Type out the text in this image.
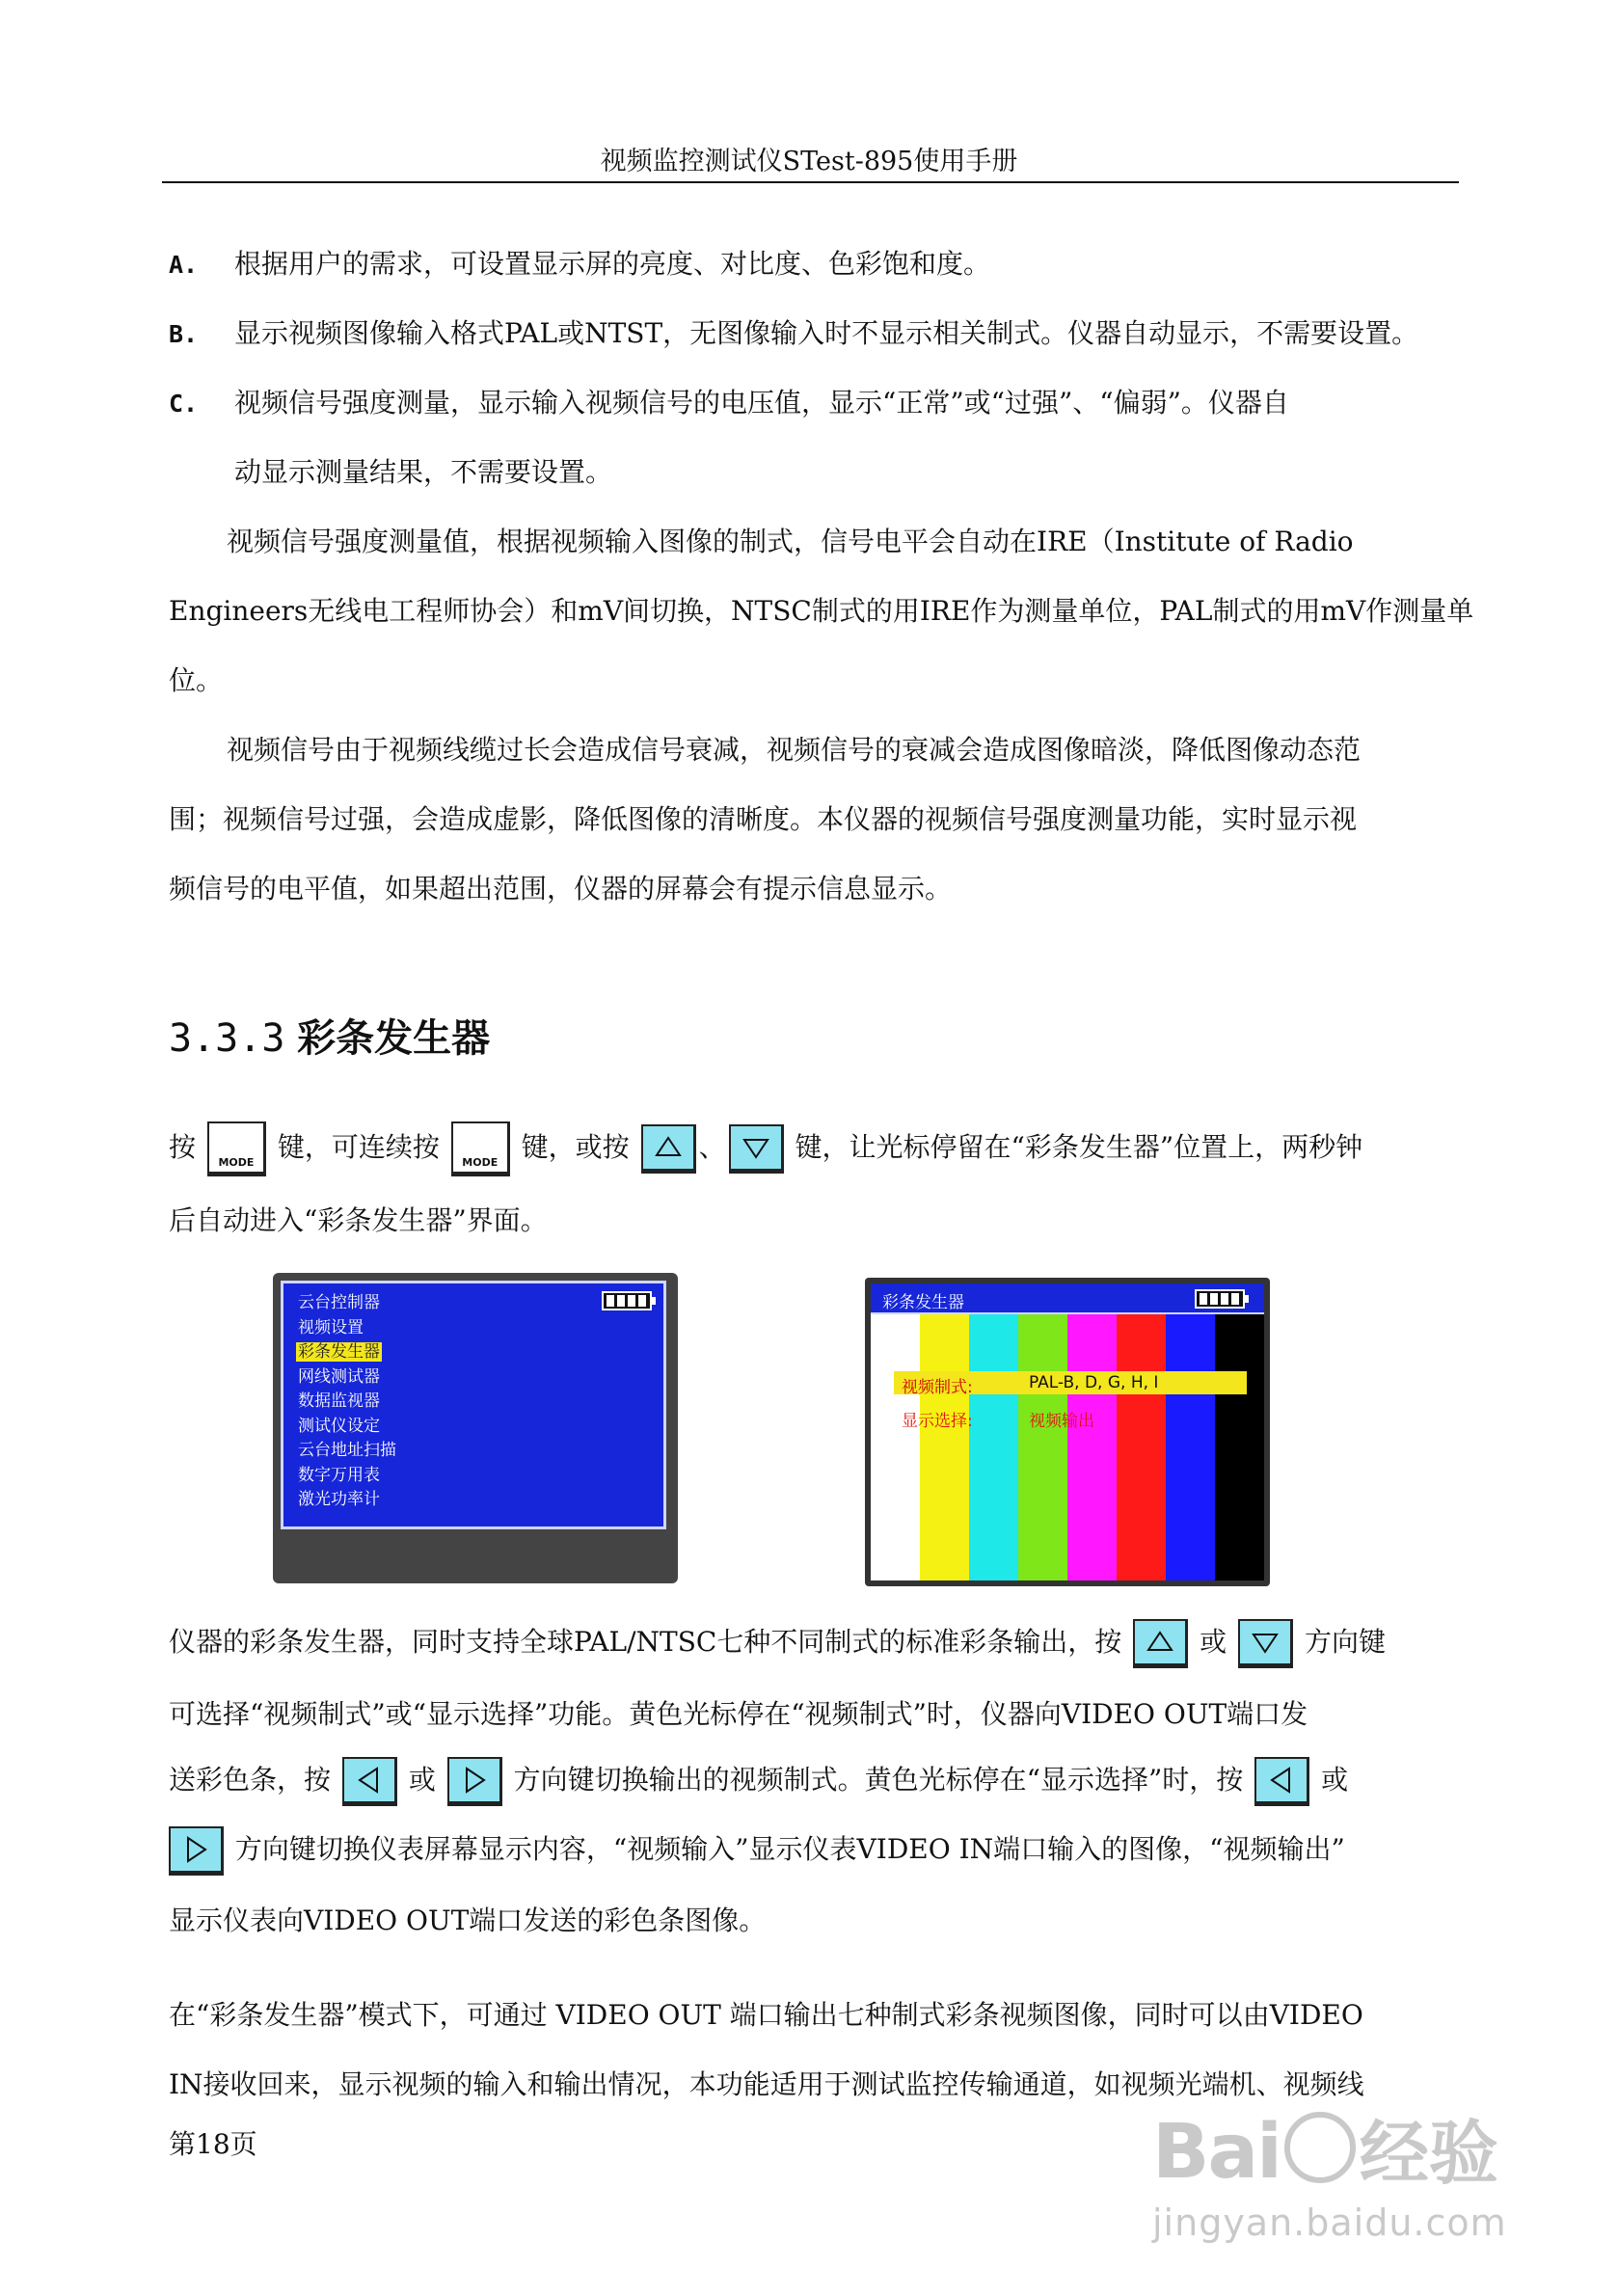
视频监控测试仪STest-895使用手册
A. 根据用户的需求，可设置显示屏的亮度、对比度、色彩饱和度。
B. 显示视频图像输入格式PAL或NTST，无图像输入时不显示相关制式。仪器自动显示，不需要设置。
C. 视频信号强度测量，显示输入视频信号的电压值，显示“正常”或“过强”、“偏弱”。仪器自
动显示测量结果，不需要设置。
视频信号强度测量值，根据视频输入图像的制式，信号电平会自动在IRE（Institute of Radio
Engineers无线电工程师协会）和mV间切换，NTSC制式的用IRE作为测量单位，PAL制式的用mV作测量单
位。
视频信号由于视频线缆过长会造成信号衰减，视频信号的衰减会造成图像暗淡，降低图像动态范
围；视频信号过强，会造成虚影，降低图像的清晰度。本仪器的视频信号强度测量功能，实时显示视
频信号的电平值，如果超出范围，仪器的屏幕会有提示信息显示。
3.3.3 彩条发生器
按	MODE 键，可连续按	MODE 键，或按	、	键，让光标停留在“彩条发生器”位置上，两秒钟
后自动进入“彩条发生器”界面。
云台控制器
视频设置
彩条发生器
网线测试器
数据监视器
测试仪设定
云台地址扫描
数字万用表
激光功率计
彩条发生器
视频制式:	PAL-B, D, G, H, I
显示选择:	视频输出
仪器的彩条发生器，同时支持全球PAL/NTSC七种不同制式的标准彩条输出，按	或	方向键
可选择“视频制式”或“显示选择”功能。黄色光标停在“视频制式”时，仪器向VIDEO OUT端口发
送彩色条，按	或	方向键切换输出的视频制式。黄色光标停在“显示选择”时，按	或
方向键切换仪表屏幕显示内容，“视频输入”显示仪表VIDEO IN端口输入的图像，“视频输出”
显示仪表向VIDEO OUT端口发送的彩色条图像。
在“彩条发生器”模式下，可通过 VIDEO OUT 端口输出七种制式彩条视频图像，同时可以由VIDEO
IN接收回来，显示视频的输入和输出情况，本功能适用于测试监控传输通道，如视频光端机、视频线
第18页	Bai 经验
jingyan.baidu.com
